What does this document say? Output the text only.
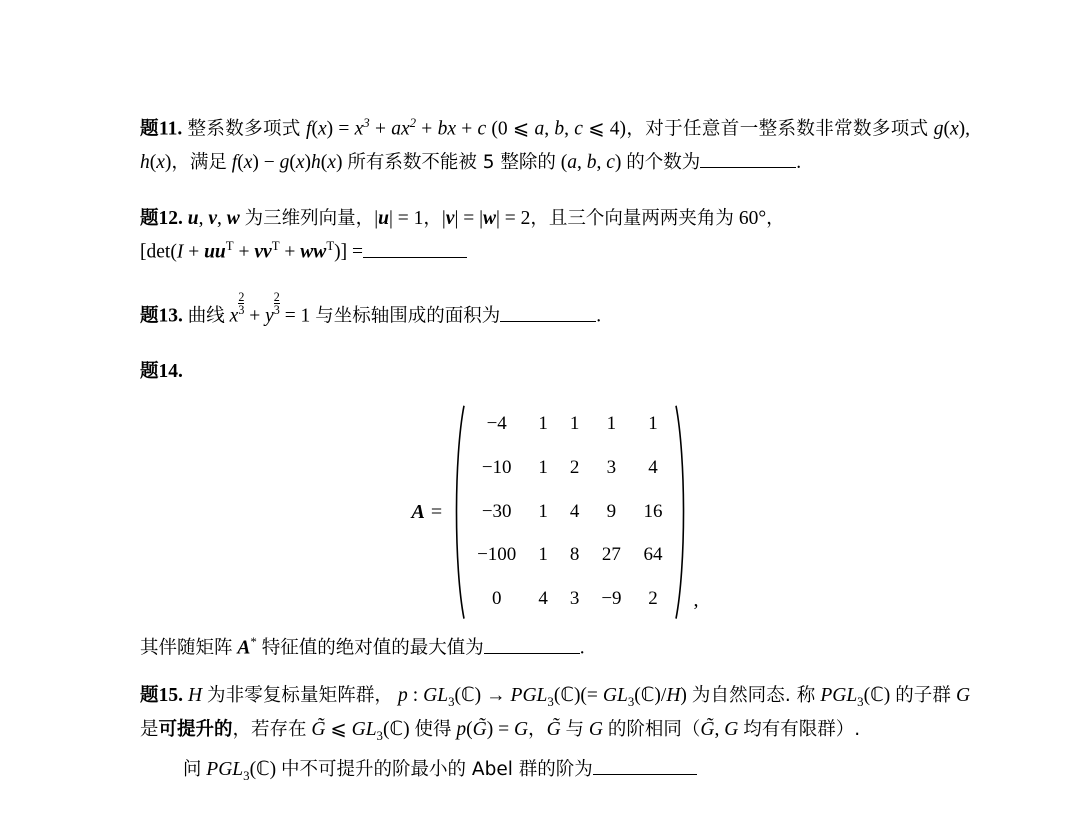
题11. 整系数多项式 $f(x) = x^3 + ax^2$ + bx + c (0 ⩽ a, b, c ⩽ 4)，对于任意首一整系数非常数多项式 g(x), h(x)，满足 f(x) − g(x)h(x) 所有系数不能被 5 整除的 (a, b, c) 的个数为	.
题12. u, v, w 为三维列向量，|u| = 1，|v| = |w| = 2，且三个向量两两夹角为 60°，
$[\det(I + uu^T + vv^T + ww^T)]$ =
题13. 曲线 x $\frac{2}{3} + y \frac{2}{3} = 1$ 与坐标轴围成的面积为	.
题14.
A =
−4	1	1	1	1
−10	1	2	3	4
−30	1	4	9	16
−100	1	8	27	64
0	4	3	−9	2 ,
其伴随矩阵 A* 特征值的绝对值的最大值为	.
题15. H 为非零复标量矩阵群， p : $GL_3(ℂ)$ → $PGL_3(ℂ)(=$ $GL_3(ℂ)/H$) 为自然同态. 称 $PGL_3(ℂ)$ 的子群 G 是可提升的，若存在 G̃ ⩽ $GL_3(ℂ)$ 使得 p(G̃) = G，G̃ 与 G 的阶相同（G̃, G 均有有限群）.
问 $PGL_3(ℂ)$ 中不可提升的阶最小的 Abel 群的阶为
